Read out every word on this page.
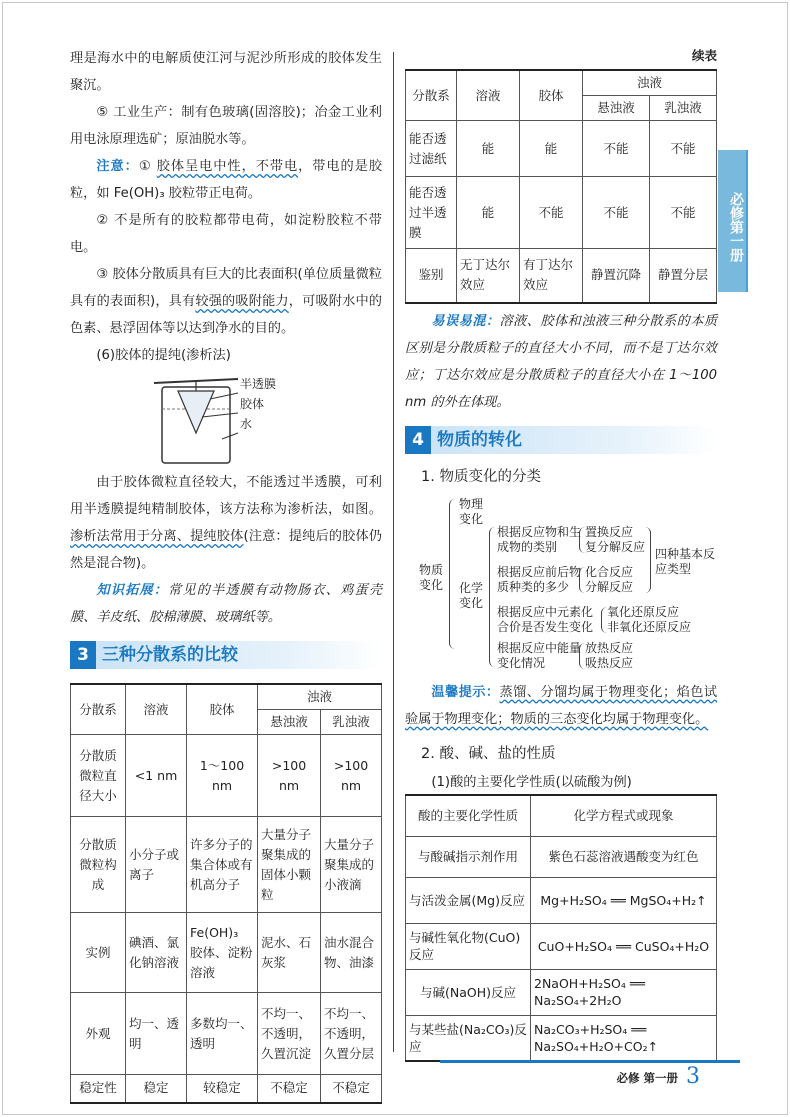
必修第一册

理是海水中的电解质使江河与泥沙所形成的胶体发生聚沉。

⑤ 工业生产：制有色玻璃(固溶胶)；冶金工业利用电泳原理选矿；原油脱水等。

注意：① 胶体呈电中性，不带电，带电的是胶粒，如 Fe(OH)₃ 胶粒带正电荷。

② 不是所有的胶粒都带电荷，如淀粉胶粒不带电。

③ 胶体分散质具有巨大的比表面积(单位质量微粒具有的表面积)，具有较强的吸附能力，可吸附水中的色素、悬浮固体等以达到净水的目的。

(6)胶体的提纯(渗析法)

半透膜
胶体
水

由于胶体微粒直径较大，不能透过半透膜，可利用半透膜提纯精制胶体，该方法称为渗析法，如图。渗析法常用于分离、提纯胶体(注意：提纯后的胶体仍然是混合物)。

知识拓展：常见的半透膜有动物肠衣、鸡蛋壳膜、羊皮纸、胶棉薄膜、玻璃纸等。

3 三种分散系的比较
分散系	溶液	胶体	浊液	
			悬浊液	乳浊液
分散质微粒直径大小	<1 nm	1～100 nm	>100 nm	>100 nm
分散质微粒构成	小分子或离子	许多分子的集合体或有机高分子	大量分子聚集成的固体小颗粒	大量分子聚集成的小液滴
实例	碘酒、氯化钠溶液	Fe(OH)₃ 胶体、淀粉溶液	泥水、石灰浆	油水混合物、油漆
外观	均一、透明	多数均一、透明	不均一、不透明，久置沉淀	不均一、不透明，久置分层
稳定性	稳定	较稳定	不稳定	不稳定
续表
分散系	溶液	胶体	浊液	
			悬浊液	乳浊液
能否透过滤纸	能	能	不能	不能
能否透过半透膜	能	不能	不能	不能
鉴别	无丁达尔效应	有丁达尔效应	静置沉降	静置分层

易误易混：溶液、胶体和浊液三种分散系的本质区别是分散质粒子的直径大小不同，而不是丁达尔效应；丁达尔效应是分散质粒子的直径大小在 1～100 nm 的外在体现。

4 物质的转化
1. 物质变化的分类
物质变化
物理变化
化学变化
根据反应物和生成物的类别
置换反应
复分解反应
根据反应前后物质种类的多少
化合反应
分解反应
四种基本反应类型
根据反应中元素化合价是否发生变化
氧化还原反应
非氧化还原反应
根据反应中能量变化情况
放热反应
吸热反应

温馨提示：蒸馏、分馏均属于物理变化；焰色试验属于物理变化；物质的三态变化均属于物理变化。

2. 酸、碱、盐的性质

(1)酸的主要化学性质(以硫酸为例)

酸的主要化学性质	化学方程式或现象
与酸碱指示剂作用	紫色石蕊溶液遇酸变为红色
与活泼金属(Mg)反应	Mg+H₂SO₄ ══ MgSO₄+H₂↑
与碱性氧化物(CuO)反应	CuO+H₂SO₄ ══ CuSO₄+H₂O
与碱(NaOH)反应	2NaOH+H₂SO₄ ══ Na₂SO₄+2H₂O
与某些盐(Na₂CO₃)反应	Na₂CO₃+H₂SO₄ ══ Na₂SO₄+H₂O+CO₂↑
必修 第一册 3
